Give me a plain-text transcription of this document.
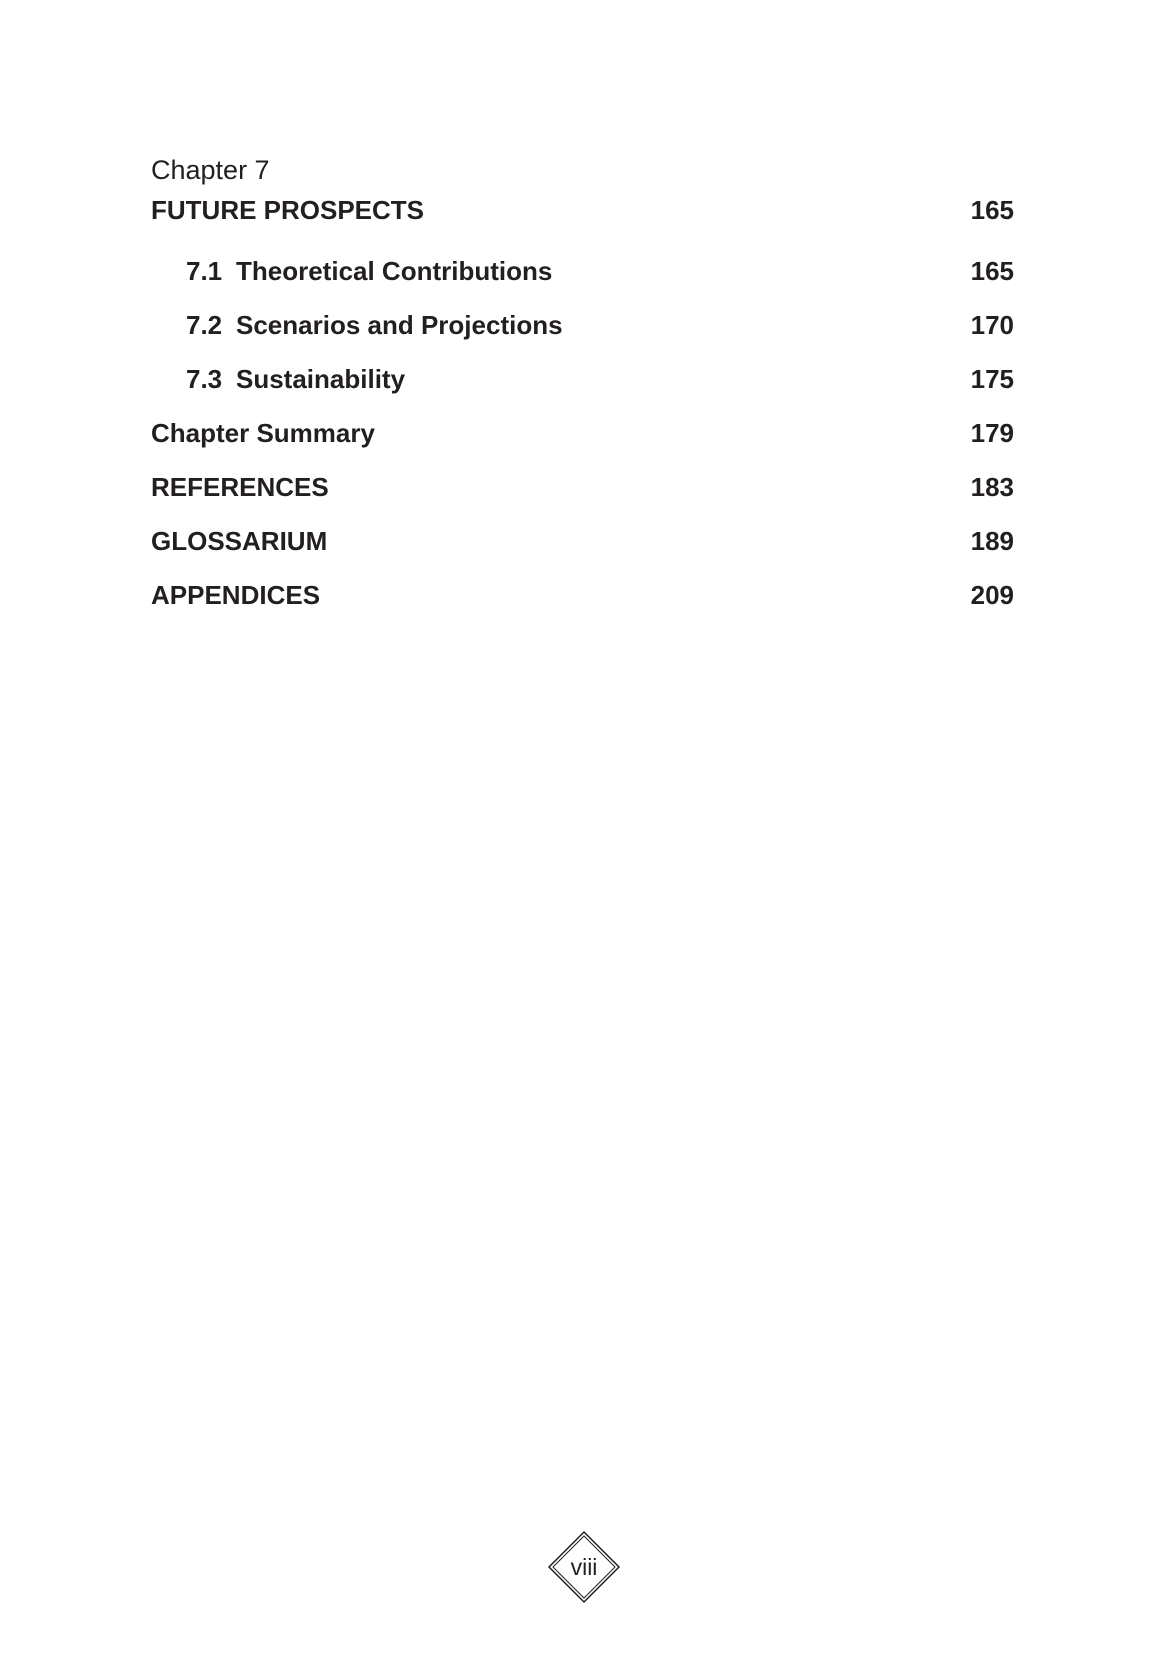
Chapter 7
FUTURE PROSPECTS	165
7.1 Theoretical Contributions	165
7.2 Scenarios and Projections	170
7.3 Sustainability	175
Chapter Summary	179
REFERENCES	183
GLOSSARIUM	189
APPENDICES	209
viii
